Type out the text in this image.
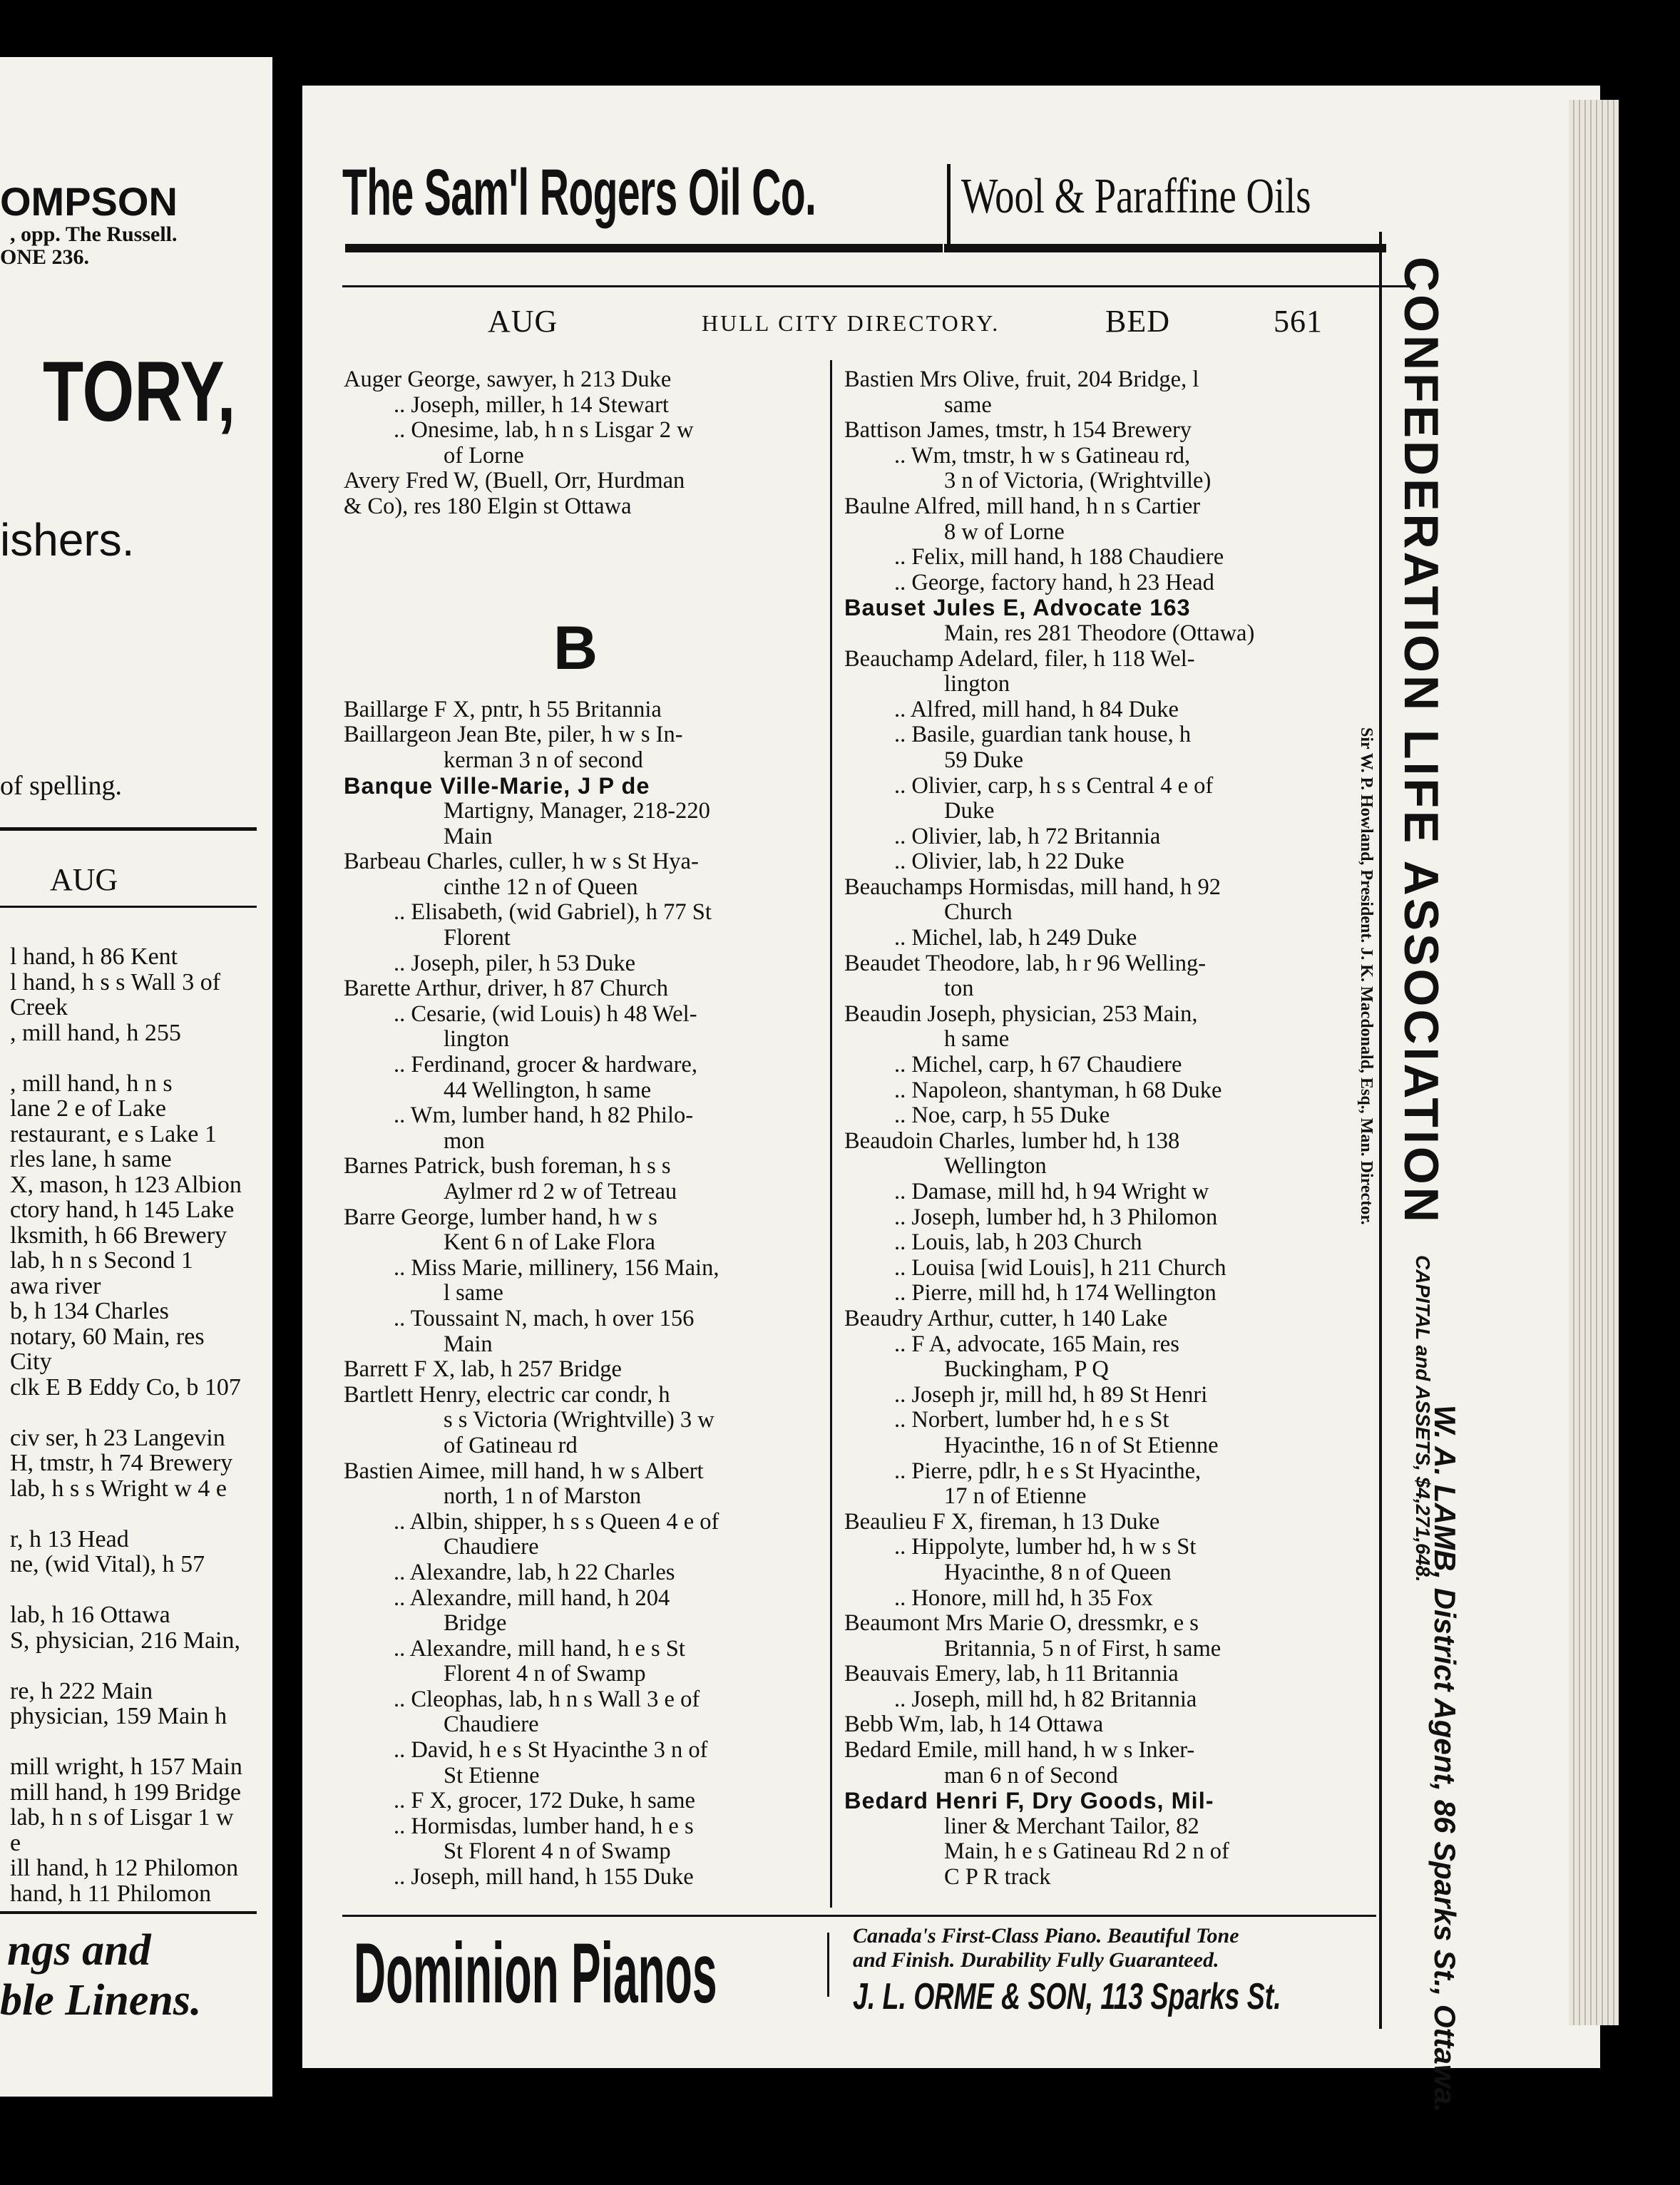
OMPSON
, opp. The Russell.
ONE 236.
TORY,
ishers.
of spelling.
AUG
l hand, h 86 Kent
l hand, h s s Wall 3 of
Creek
, mill hand, h 255
, mill hand, h n s
lane 2 e of Lake
restaurant, e s Lake 1
rles lane, h same
X, mason, h 123 Albion
ctory hand, h 145 Lake
lksmith, h 66 Brewery
lab, h n s Second 1
awa river
b, h 134 Charles
notary, 60 Main, res
City
clk E B Eddy Co, b 107
civ ser, h 23 Langevin
H, tmstr, h 74 Brewery
lab, h s s Wright w 4 e
r, h 13 Head
ne, (wid Vital), h 57
lab, h 16 Ottawa
S, physician, 216 Main,
re, h 222 Main
physician, 159 Main h
mill wright, h 157 Main
mill hand, h 199 Bridge
lab, h n s of Lisgar 1 w
e
ill hand, h 12 Philomon
hand, h 11 Philomon
ngs and
ble Linens.
The Sam'l Rogers Oil Co.	Wool & Paraffine Oils
AUG	HULL CITY DIRECTORY.	BED	561
B
Auger George, sawyer, h 213 Duke
.. Joseph, miller, h 14 Stewart
.. Onesime, lab, h n s Lisgar 2 w
of Lorne
Avery Fred W, (Buell, Orr, Hurdman
& Co), res 180 Elgin st Ottawa
Baillarge F X, pntr, h 55 Britannia
Baillargeon Jean Bte, piler, h w s In-
kerman 3 n of second
Banque Ville-Marie, J P de
Martigny, Manager, 218-220
Main
Barbeau Charles, culler, h w s St Hya-
cinthe 12 n of Queen
.. Elisabeth, (wid Gabriel), h 77 St
Florent
.. Joseph, piler, h 53 Duke
Barette Arthur, driver, h 87 Church
.. Cesarie, (wid Louis) h 48 Wel-
lington
.. Ferdinand, grocer & hardware,
44 Wellington, h same
.. Wm, lumber hand, h 82 Philo-
mon
Barnes Patrick, bush foreman, h s s
Aylmer rd 2 w of Tetreau
Barre George, lumber hand, h w s
Kent 6 n of Lake Flora
.. Miss Marie, millinery, 156 Main,
l same
.. Toussaint N, mach, h over 156
Main
Barrett F X, lab, h 257 Bridge
Bartlett Henry, electric car condr, h
s s Victoria (Wrightville) 3 w
of Gatineau rd
Bastien Aimee, mill hand, h w s Albert
north, 1 n of Marston
.. Albin, shipper, h s s Queen 4 e of
Chaudiere
.. Alexandre, lab, h 22 Charles
.. Alexandre, mill hand, h 204
Bridge
.. Alexandre, mill hand, h e s St
Florent 4 n of Swamp
.. Cleophas, lab, h n s Wall 3 e of
Chaudiere
.. David, h e s St Hyacinthe 3 n of
St Etienne
.. F X, grocer, 172 Duke, h same
.. Hormisdas, lumber hand, h e s
St Florent 4 n of Swamp
.. Joseph, mill hand, h 155 Duke
Bastien Mrs Olive, fruit, 204 Bridge, l
same
Battison James, tmstr, h 154 Brewery
.. Wm, tmstr, h w s Gatineau rd,
3 n of Victoria, (Wrightville)
Baulne Alfred, mill hand, h n s Cartier
8 w of Lorne
.. Felix, mill hand, h 188 Chaudiere
.. George, factory hand, h 23 Head
Bauset Jules E, Advocate 163
Main, res 281 Theodore (Ottawa)
Beauchamp Adelard, filer, h 118 Wel-
lington
.. Alfred, mill hand, h 84 Duke
.. Basile, guardian tank house, h
59 Duke
.. Olivier, carp, h s s Central 4 e of
Duke
.. Olivier, lab, h 72 Britannia
.. Olivier, lab, h 22 Duke
Beauchamps Hormisdas, mill hand, h 92
Church
.. Michel, lab, h 249 Duke
Beaudet Theodore, lab, h r 96 Welling-
ton
Beaudin Joseph, physician, 253 Main,
h same
.. Michel, carp, h 67 Chaudiere
.. Napoleon, shantyman, h 68 Duke
.. Noe, carp, h 55 Duke
Beaudoin Charles, lumber hd, h 138
Wellington
.. Damase, mill hd, h 94 Wright w
.. Joseph, lumber hd, h 3 Philomon
.. Louis, lab, h 203 Church
.. Louisa [wid Louis], h 211 Church
.. Pierre, mill hd, h 174 Wellington
Beaudry Arthur, cutter, h 140 Lake
.. F A, advocate, 165 Main, res
Buckingham, P Q
.. Joseph jr, mill hd, h 89 St Henri
.. Norbert, lumber hd, h e s St
Hyacinthe, 16 n of St Etienne
.. Pierre, pdlr, h e s St Hyacinthe,
17 n of Etienne
Beaulieu F X, fireman, h 13 Duke
.. Hippolyte, lumber hd, h w s St
Hyacinthe, 8 n of Queen
.. Honore, mill hd, h 35 Fox
Beaumont Mrs Marie O, dressmkr, e s
Britannia, 5 n of First, h same
Beauvais Emery, lab, h 11 Britannia
.. Joseph, mill hd, h 82 Britannia
Bebb Wm, lab, h 14 Ottawa
Bedard Emile, mill hand, h w s Inker-
man 6 n of Second
Bedard Henri F, Dry Goods, Mil-
liner & Merchant Tailor, 82
Main, h e s Gatineau Rd 2 n of
C P R track
CONFEDERATION LIFE ASSOCIATION
Sir W. P. Howland, President. J. K. Macdonald, Esq., Man. Director.
CAPITAL and ASSETS, $4,271,648.
W. A. LAMB, District Agent, 86 Sparks St., Ottawa.
Dominion Pianos	Canada's First-Class Piano. Beautiful Tone
and Finish. Durability Fully Guaranteed.
J. L. ORME & SON, 113 Sparks St.
